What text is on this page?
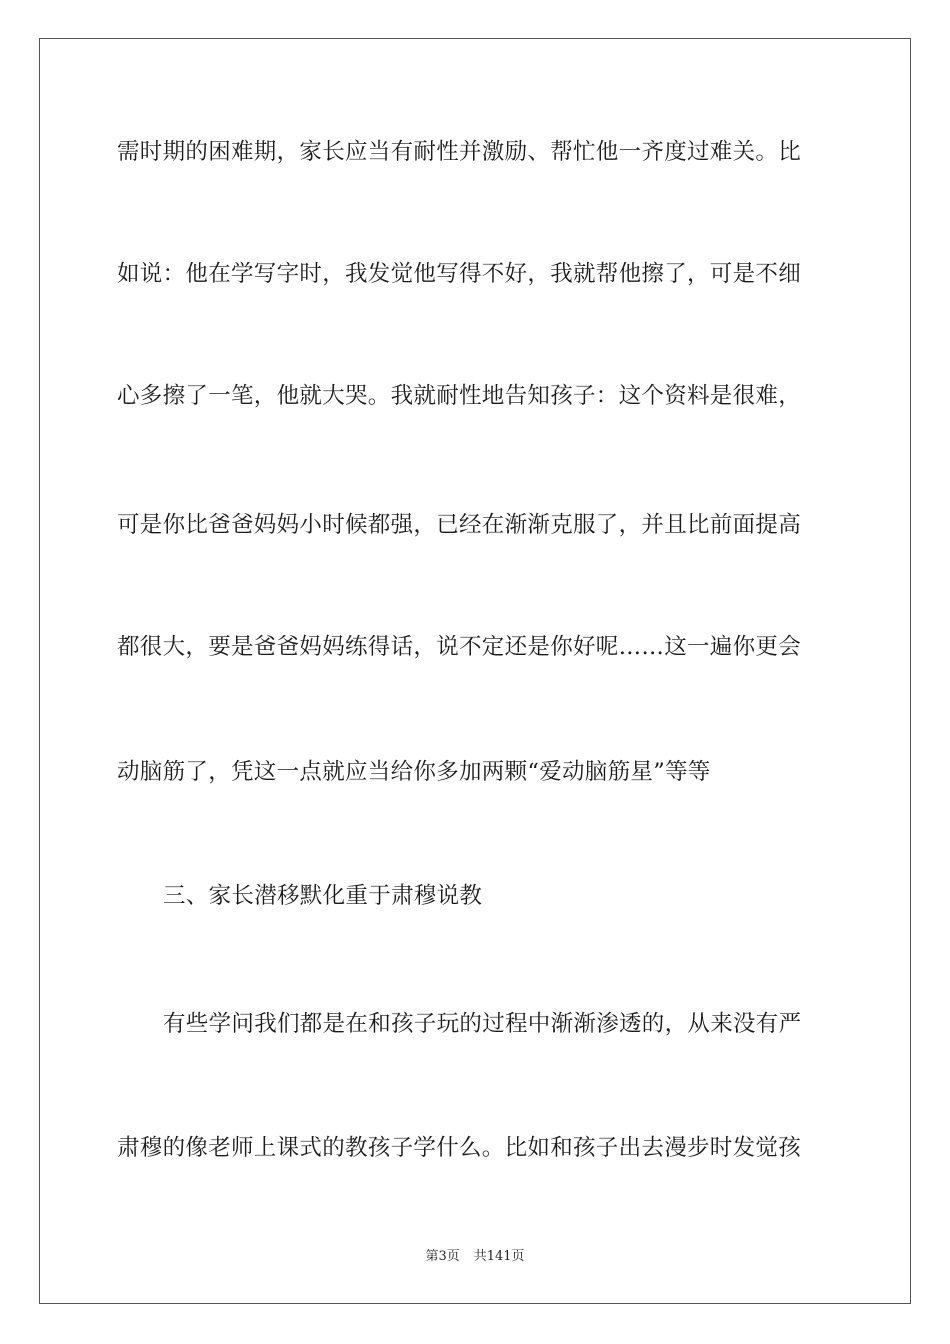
需时期的困难期，家长应当有耐性并激励、帮忙他一齐度过难关。比
如说：他在学写字时，我发觉他写得不好，我就帮他擦了，可是不细
心多擦了一笔，他就大哭。我就耐性地告知孩子：这个资料是很难，
可是你比爸爸妈妈小时候都强，已经在渐渐克服了，并且比前面提高
都很大，要是爸爸妈妈练得话，说不定还是你好呢……这一遍你更会
动脑筋了，凭这一点就应当给你多加两颗“爱动脑筋星”等等
三、家长潜移默化重于肃穆说教
有些学问我们都是在和孩子玩的过程中渐渐渗透的，从来没有严
肃穆的像老师上课式的教孩子学什么。比如和孩子出去漫步时发觉孩
第3页 共141页
